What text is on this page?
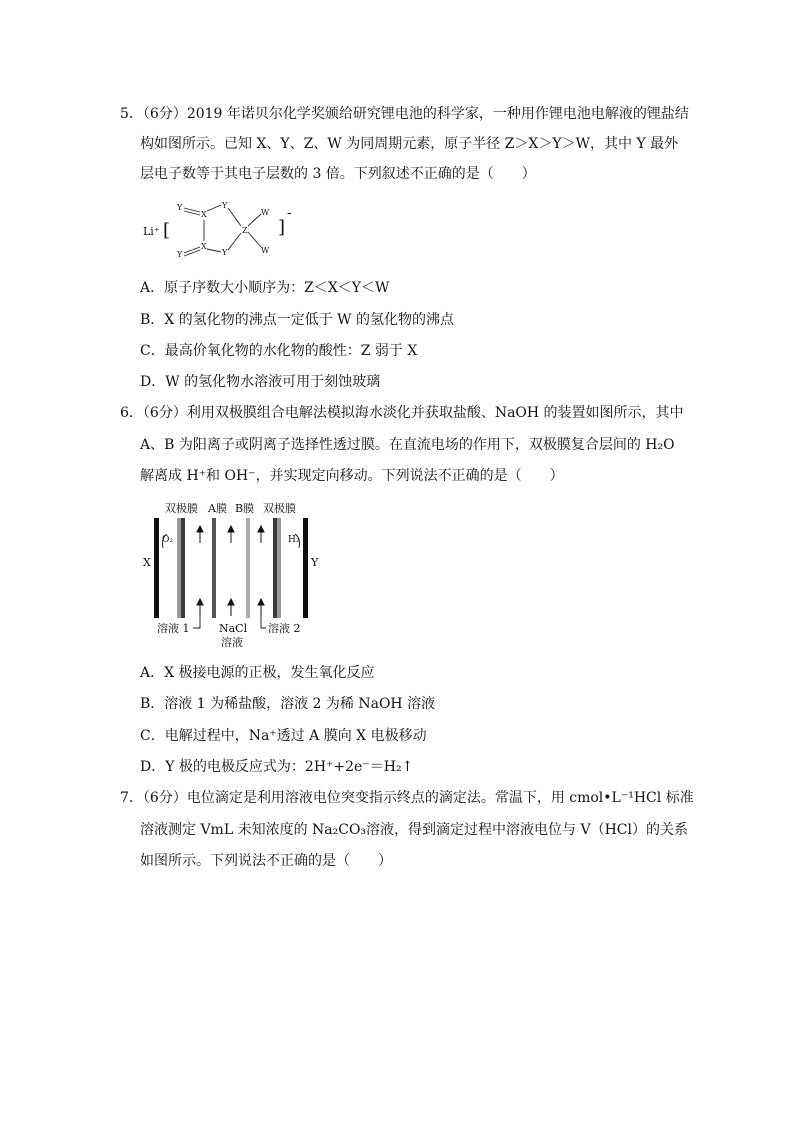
5．（6分）2019 年诺贝尔化学奖颁给研究锂电池的科学家，一种用作锂电池电解液的锂盐结
构如图所示。已知 X、Y、Z、W 为同周期元素，原子半径 Z＞X＞Y＞W，其中 Y 最外
层电子数等于其电子层数的 3 倍。下列叙述不正确的是（　　）
Li⁺ [	]
-
Y
X
Y
Y
X
Y
Z
W
W
A．原子序数大小顺序为：Z＜X＜Y＜W
B．X 的氢化物的沸点一定低于 W 的氢化物的沸点
C．最高价氧化物的水化物的酸性：Z 弱于 X
D．W 的氢化物水溶液可用于刻蚀玻璃
6．（6分）利用双极膜组合电解法模拟海水淡化并获取盐酸、NaOH 的装置如图所示，其中
A、B 为阳离子或阴离子选择性透过膜。在直流电场的作用下，双极膜复合层间的 H₂O
解离成 H⁺和 OH⁻，并实现定向移动。下列说法不正确的是（　　）
双极膜 A膜 B膜 双极膜
X	Y
O₂	H₂
溶液 1	NaCl
溶液
溶液 2
A．X 极接电源的正极，发生氧化反应
B．溶液 1 为稀盐酸，溶液 2 为稀 NaOH 溶液
C．电解过程中，Na⁺透过 A 膜向 X 电极移动
D．Y 极的电极反应式为：2H⁺+2e⁻＝H₂↑
7．（6分）电位滴定是利用溶液电位突变指示终点的滴定法。常温下，用 cmol•L⁻¹HCl 标准
溶液测定 VmL 未知浓度的 Na₂CO₃溶液，得到滴定过程中溶液电位与 V（HCl）的关系
如图所示。下列说法不正确的是（　　）
